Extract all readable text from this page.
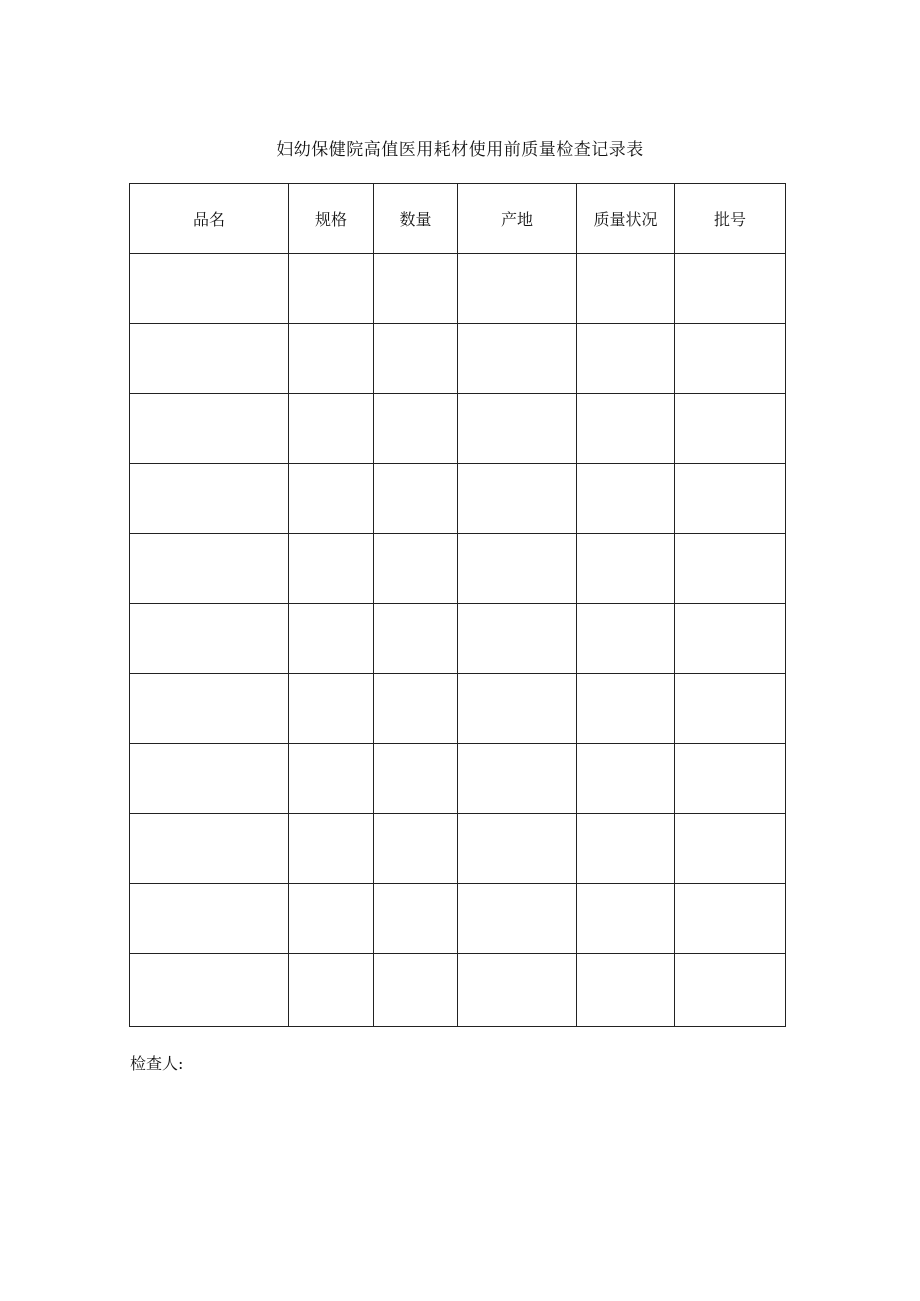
妇幼保健院高值医用耗材使用前质量检查记录表
品名	规格	数量	产地	质量状况	批号

检查人:
